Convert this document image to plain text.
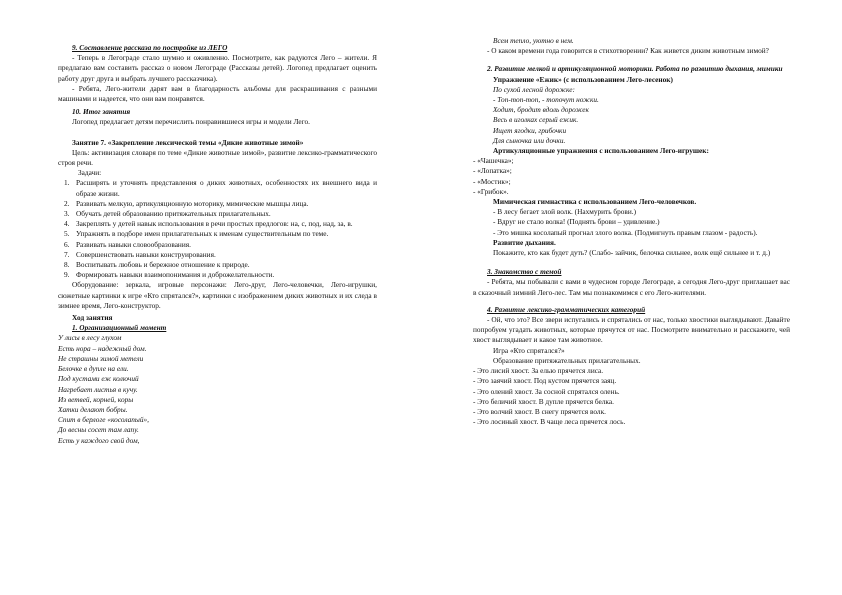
9. Составление рассказа по постройке из ЛЕГО

- Теперь в Легограде стало шумно и оживленно. Посмотрите, как радуются Лего – жители. Я предлагаю вам составить рассказ о новом Легограде (Рассказы детей). Логопед предлагает оценить работу друг друга и выбрать лучшего рассказчика).

- Ребята, Лего-жители дарят вам в благодарность альбомы для раскрашивания с разными машинами и надеется, что они вам понравятся.

10. Итог занятия

Логопед предлагает детям перечислить понравившиеся игры и модели Лего.

Занятие 7. «Закрепление лексической темы «Дикие животные зимой»

Цель: активизация словаря по теме «Дикие животные зимой», развитие лексико-грамматического строя речи.

Задачи:

1. Расширять и уточнять представления о диких животных, особенностях их внешнего вида и образе жизни.
2. Развивать мелкую, артикуляционную моторику, мимические мышцы лица.
3. Обучать детей образованию притяжательных прилагательных.
4. Закреплять у детей навык использования в речи простых предлогов: на, с, под, над, за, в.
5. Упражнять в подборе имен прилагательных к именам существительным по теме.
6. Развивать навыки словообразования.
7. Совершенствовать навыки конструирования.
8. Воспитывать любовь и бережное отношение к природе.
9. Формировать навыки взаимопонимания и доброжелательности.

Оборудование: зеркала, игровые персонажи: Лего-друг, Лего-человечки, Лего-игрушки, сюжетные картинки к игре «Кто спрятался?», картинки с изображением диких животных и их следа в зимнее время, Лего-конструктор.

Ход занятия

1. Организационный момент

У лисы в лесу глухом

Есть нора – надежный дом.

Не страшны зимой метели

Белочке в дупле на ели.

Под кустами еж колючий

Нагребает листья в кучу.

Из ветвей, корней, коры

Хатки делают бобры.

Спит в берлоге «косолапый»,

До весны сосет там лапу.

Есть у каждого свой дом,

Всем тепло, уютно в нем.

- О каком времени года говорится в стихотворении? Как живется диким животным зимой?

2. Развитие мелкой и артикуляционной моторики. Работа по развитию дыхания, мимики

Упражнение «Ежик» (с использованием Лего-лесенок)

По сухой лесной дорожке:

- Топ-топ-топ, - топочут ножки.

Ходит, бродит вдоль дорожек

Весь в иголках серый ежик.

Ищет ягодки, грибочки

Для сыночка или дочки.

Артикуляционные упражнения с использованием Лего-игрушек:

- «Чашечка»;

- «Лопатка»;

- «Мостик»;

- «Грибок».

Мимическая гимнастика с использованием Лего-человечков.

- В лесу бегает злой волк. (Нахмурить брови.)

- Вдруг не стало волка! (Поднять брови – удивление.)

- Это мишка косолапый прогнал злого волка. (Подмигнуть правым глазом - радость).

Развитие дыхания.

Покажите, кто как будет дуть? (Слабо- зайчик, белочка сильнее, волк ещё сильнее и т. д.)

3. Знакомство с темой

- Ребята, мы побывали с вами в чудесном городе Легограде, а сегодня Лего-друг приглашает вас в сказочный зимний Лего-лес. Там мы познакомимся с его Лего-жителями.

4. Развитие лексико-грамматических категорий

- Ой, что это? Все звери испугались и спрятались от нас, только хвостики выглядывают. Давайте попробуем угадать животных, которые прячутся от нас. Посмотрите внимательно и расскажите, чей хвост выглядывает и какое там животное.

Игра «Кто спрятался?»

Образование притяжательных прилагательных.

- Это лисий хвост. За елью прячется лиса.

- Это заячий хвост. Под кустом прячется заяц.

- Это олений хвост. За сосной спрятался олень.

- Это беличий хвост. В дупле прячется белка.

- Это волчий хвост. В снегу прячется волк.

- Это лосиный хвост. В чаще леса прячется лось.
